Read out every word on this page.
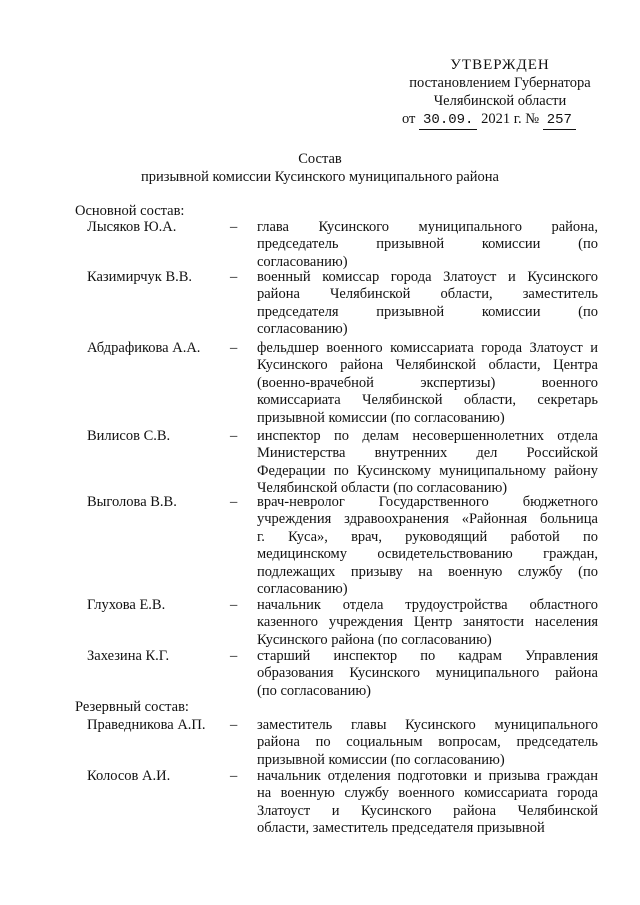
УТВЕРЖДЕН
постановлением Губернатора
Челябинской области
от 30.09. 2021 г. № 257
Состав
призывной комиссии Кусинского муниципального района
Основной состав:
Лысяков Ю.А.	– глава Кусинского муниципального района,
председатель призывной комиссии (по
согласованию)
Казимирчук В.В.	– военный комиссар города Златоуст и Кусинского
района Челябинской области, заместитель
председателя призывной комиссии (по
согласованию)
Абдрафикова А.А. – фельдшер военного комиссариата города Златоуст и
Кусинского района Челябинской области, Центра
(военно-врачебной экспертизы) военного
комиссариата Челябинской области, секретарь
призывной комиссии (по согласованию)
Вилисов С.В.	– инспектор по делам несовершеннолетних отдела
Министерства внутренних дел Российской
Федерации по Кусинскому муниципальному району
Челябинской области (по согласованию)
Выголова В.В.	– врач-невролог Государственного бюджетного
учреждения здравоохранения «Районная больница
г. Куса», врач, руководящий работой по
медицинскому освидетельствованию граждан,
подлежащих призыву на военную службу (по
согласованию)
Глухова Е.В.	– начальник отдела трудоустройства областного
казенного учреждения Центр занятости населения
Кусинского района (по согласованию)
Захезина К.Г.	– старший инспектор по кадрам Управления
образования Кусинского муниципального района
(по согласованию)
Резервный состав:
Праведникова А.П. – заместитель главы Кусинского муниципального
района по социальным вопросам, председатель
призывной комиссии (по согласованию)
Колосов А.И.	– начальник отделения подготовки и призыва граждан
на военную службу военного комиссариата города
Златоуст и Кусинского района Челябинской
области, заместитель председателя призывной
